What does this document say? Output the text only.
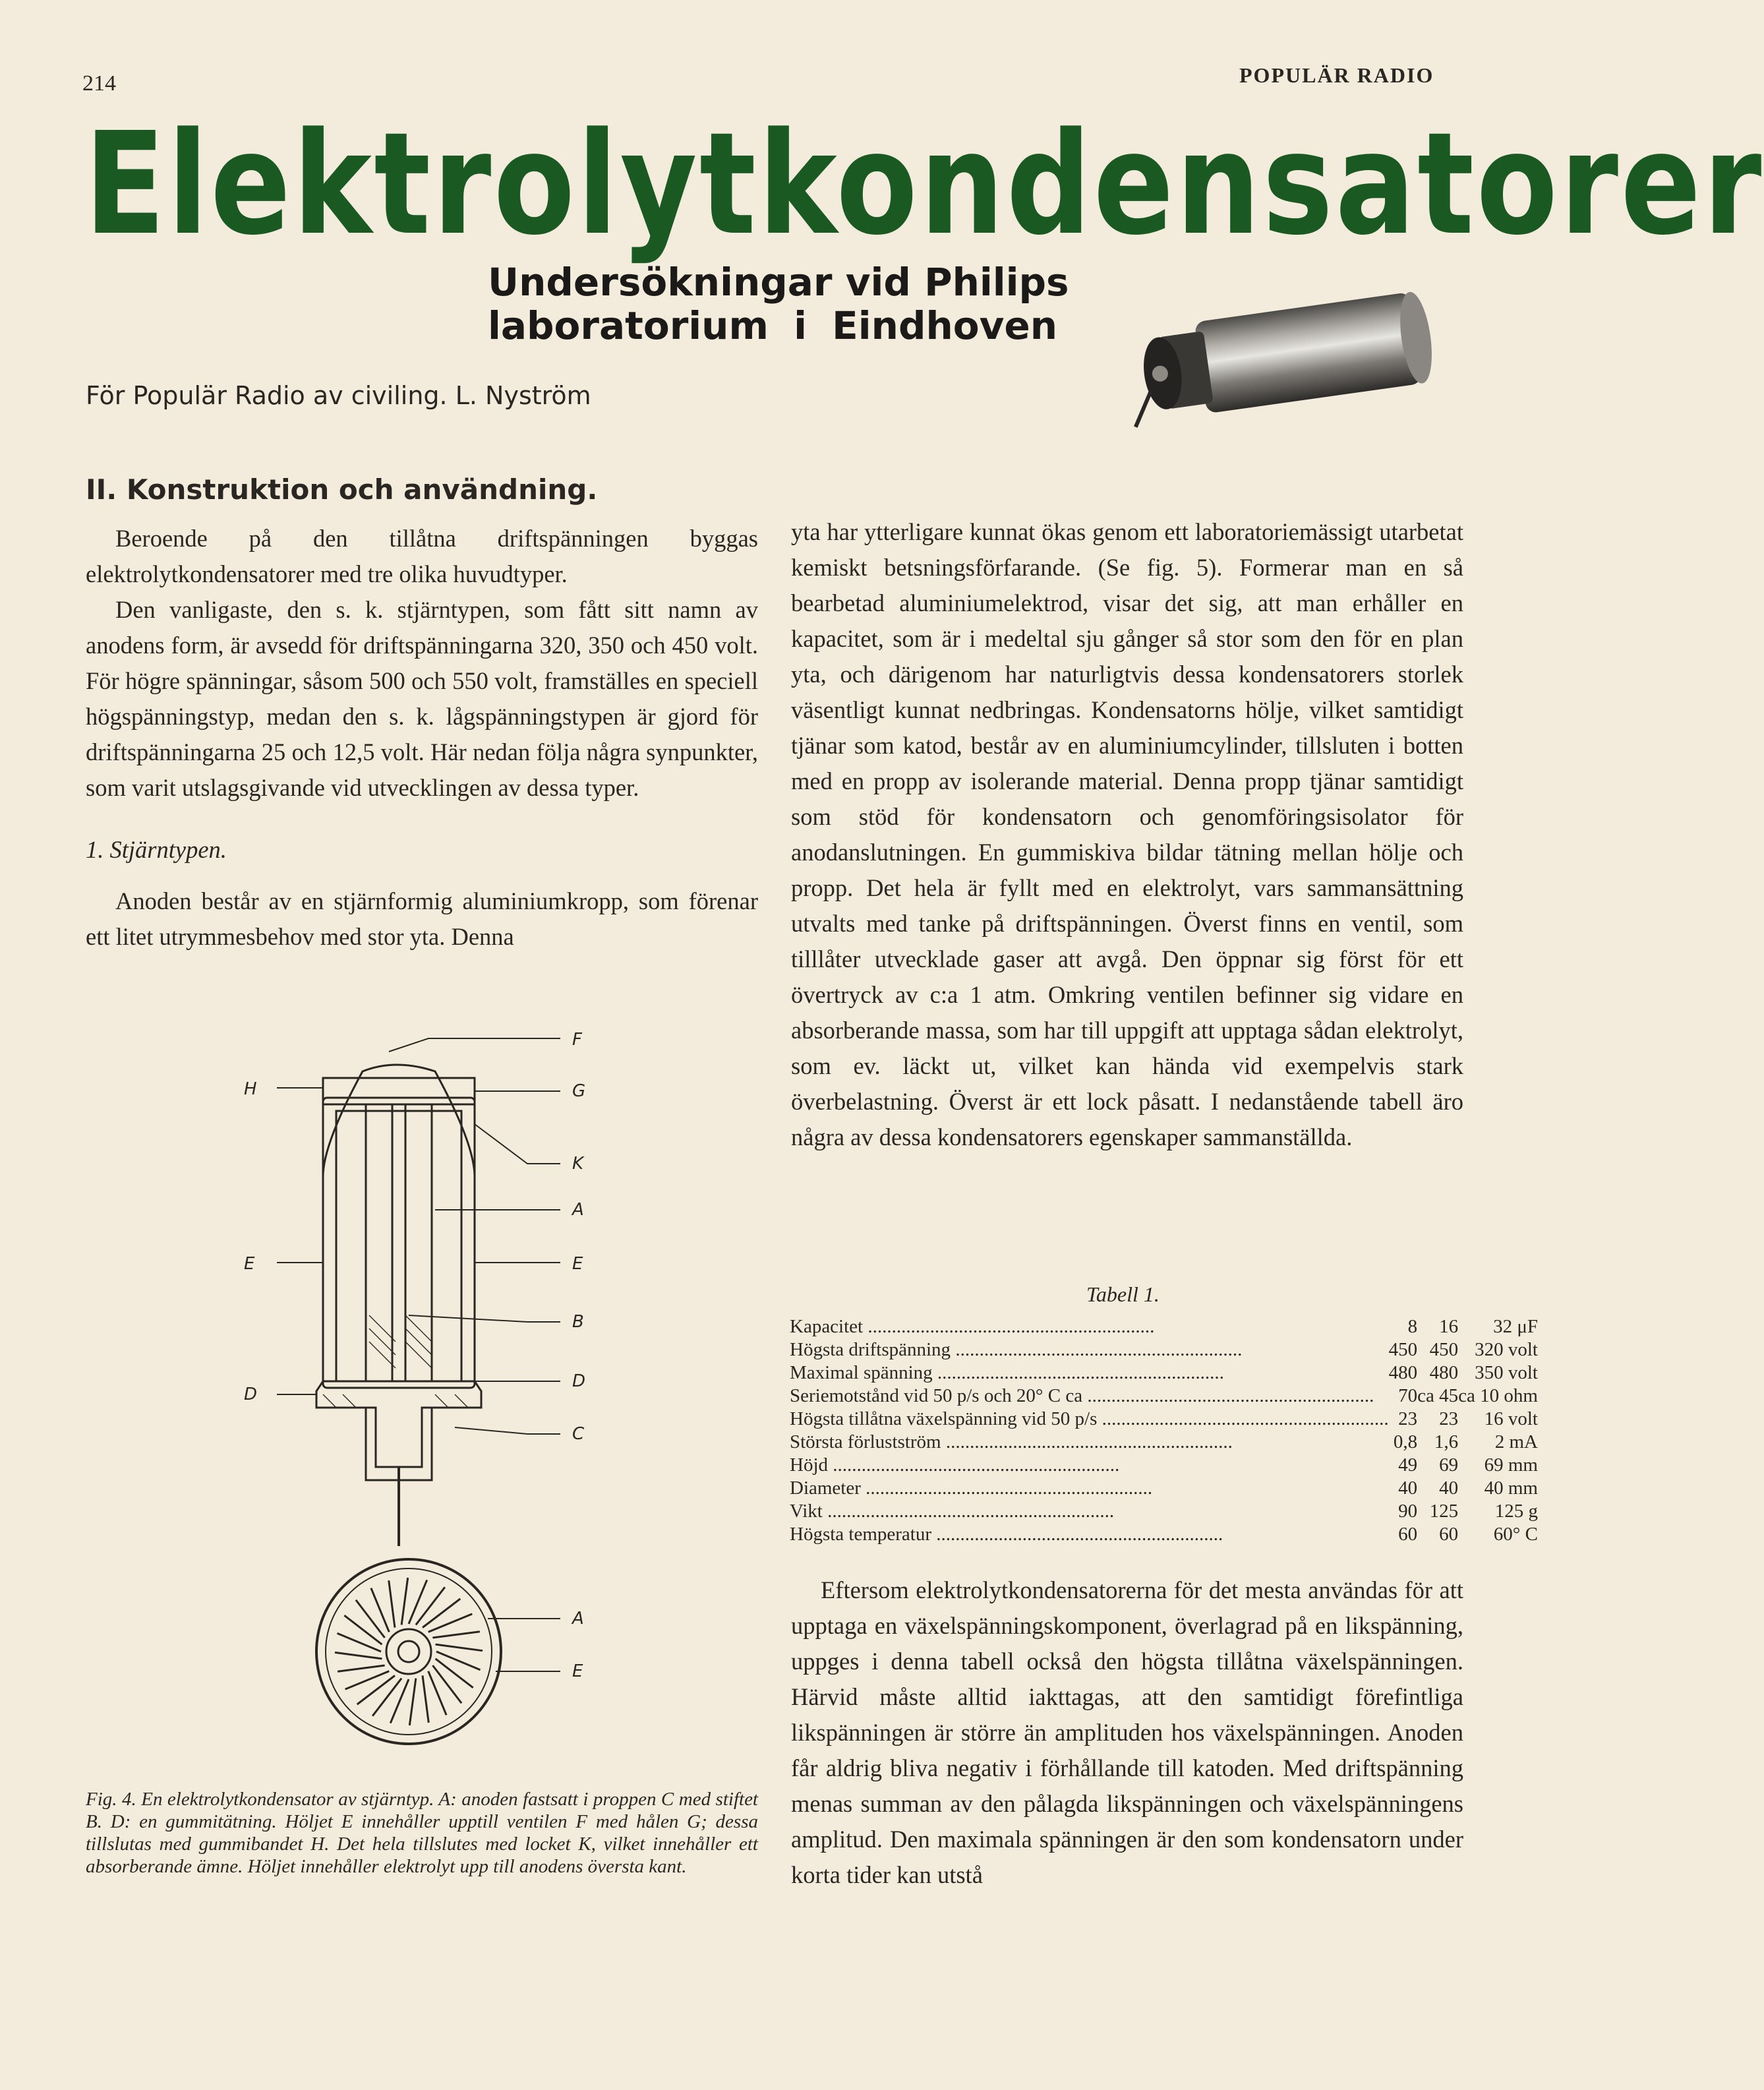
214	POPULÄR RADIO
Elektrolytkondensatorer
Undersökningar vid Philips
laboratorium i Eindhoven
För Populär Radio av civiling. L. Nyström
II. Konstruktion och användning.

Beroende på den tillåtna driftspänningen byggas elektrolytkondensatorer med tre olika huvudtyper.

Den vanligaste, den s. k. stjärntypen, som fått sitt namn av anodens form, är avsedd för driftspänningarna 320, 350 och 450 volt. För högre spänningar, såsom 500 och 550 volt, framställes en speciell högspänningstyp, medan den s. k. lågspänningstypen är gjord för driftspänningarna 25 och 12,5 volt. Här nedan följa några synpunkter, som varit utslagsgivande vid utvecklingen av dessa typer.

1. Stjärntypen.

Anoden består av en stjärnformig aluminiumkropp, som förenar ett litet utrymmesbehov med stor yta. Denna

F
H	G
K
A
E
E
B
D
D
C
A
E
Fig. 4. En elektrolytkondensator av stjärntyp. A: anoden fastsatt i proppen C med stiftet B. D: en gummitätning. Höljet E innehåller upptill ventilen F med hålen G; dessa tillslutas med gummibandet H. Det hela tillslutes med locket K, vilket innehåller ett absorberande ämne. Höljet innehåller elektrolyt upp till anodens översta kant.

yta har ytterligare kunnat ökas genom ett laboratoriemässigt utarbetat kemiskt betsningsförfarande. (Se fig. 5). Formerar man en så bearbetad aluminiumelektrod, visar det sig, att man erhåller en kapacitet, som är i medeltal sju gånger så stor som den för en plan yta, och därigenom har naturligtvis dessa kondensatorers storlek väsentligt kunnat nedbringas. Kondensatorns hölje, vilket samtidigt tjänar som katod, består av en aluminiumcylinder, tillsluten i botten med en propp av isolerande material. Denna propp tjänar samtidigt som stöd för kondensatorn och genomföringsisolator för anodanslutningen. En gummiskiva bildar tätning mellan hölje och propp. Det hela är fyllt med en elektrolyt, vars sammansättning utvalts med tanke på driftspänningen. Överst finns en ventil, som tilllåter utvecklade gaser att avgå. Den öppnar sig först för ett övertryck av c:a 1 atm. Omkring ventilen befinner sig vidare en absorberande massa, som har till uppgift att upptaga sådan elektrolyt, som ev. läckt ut, vilket kan hända vid exempelvis stark överbelastning. Överst är ett lock påsatt. I nedanstående tabell äro några av dessa kondensatorers egenskaper sammanställda.

Tabell 1.
Kapacitet ............................................................	8	16	32 μF
Högsta driftspänning ............................................................	450	450	320 volt
Maximal spänning ............................................................	480	480	350 volt
Seriemotstånd vid 50 p/s och 20° C ca ............................................................	70	ca 45	ca 10 ohm
Högsta tillåtna växelspänning vid 50 p/s ............................................................	23	23	16 volt
Största förlustström ............................................................	0,8	1,6	2 mA
Höjd ............................................................	49	69	69 mm
Diameter ............................................................	40	40	40 mm
Vikt ............................................................	90	125	125 g
Högsta temperatur ............................................................	60	60	60° C

Eftersom elektrolytkondensatorerna för det mesta användas för att upptaga en växelspänningskomponent, överlagrad på en likspänning, uppges i denna tabell också den högsta tillåtna växelspänningen. Härvid måste alltid iakttagas, att den samtidigt förefintliga likspänningen är större än amplituden hos växelspänningen. Anoden får aldrig bliva negativ i förhållande till katoden. Med driftspänning menas summan av den pålagda likspänningen och växelspänningens amplitud. Den maximala spänningen är den som kondensatorn under korta tider kan utstå
